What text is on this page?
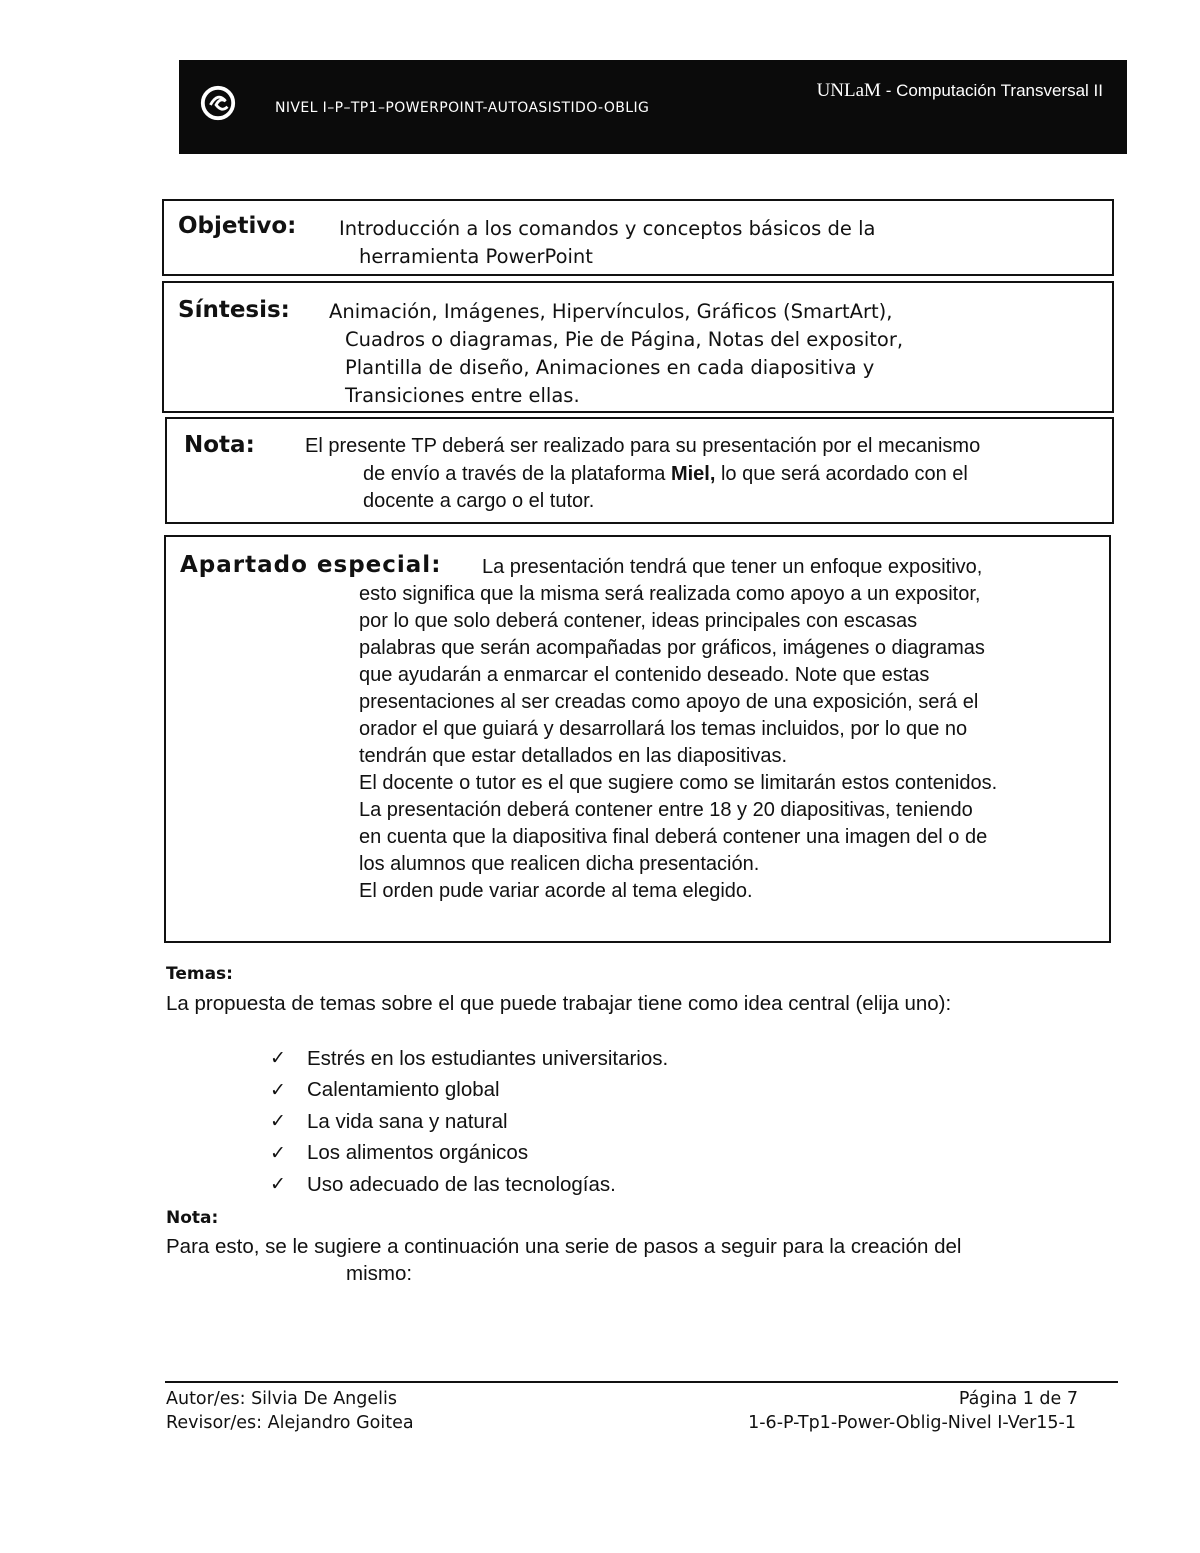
NIVEL I–P–TP1–POWERPOINT-AUTOASISTIDO-OBLIG
UNLaM - Computación Transversal II
Objetivo: Introducción a los comandos y conceptos básicos de la
herramienta PowerPoint
Síntesis: Animación, Imágenes, Hipervínculos, Gráficos (SmartArt),
Cuadros o diagramas, Pie de Página, Notas del expositor,
Plantilla de diseño, Animaciones en cada diapositiva y
Transiciones entre ellas.
Nota:	El presente TP deberá ser realizado para su presentación por el mecanismo
de envío a través de la plataforma Miel, lo que será acordado con el
docente a cargo o el tutor.
Apartado especial: La presentación tendrá que tener un enfoque expositivo,
esto significa que la misma será realizada como apoyo a un expositor,
por lo que solo deberá contener, ideas principales con escasas
palabras que serán acompañadas por gráficos, imágenes o diagramas
que ayudarán a enmarcar el contenido deseado. Note que estas
presentaciones al ser creadas como apoyo de una exposición, será el
orador el que guiará y desarrollará los temas incluidos, por lo que no
tendrán que estar detallados en las diapositivas.
El docente o tutor es el que sugiere como se limitarán estos contenidos.
La presentación deberá contener entre 18 y 20 diapositivas, teniendo
en cuenta que la diapositiva final deberá contener una imagen del o de
los alumnos que realicen dicha presentación.
El orden pude variar acorde al tema elegido.
Temas:
La propuesta de temas sobre el que puede trabajar tiene como idea central (elija uno):
✓	Estrés en los estudiantes universitarios.
✓	Calentamiento global
✓	La vida sana y natural
✓	Los alimentos orgánicos
✓	Uso adecuado de las tecnologías.
Nota:
Para esto, se le sugiere a continuación una serie de pasos a seguir para la creación del
mismo:
Autor/es: Silvia De Angelis
Revisor/es: Alejandro Goitea
Página 1 de 7
1-6-P-Tp1-Power-Oblig-Nivel I-Ver15-1
